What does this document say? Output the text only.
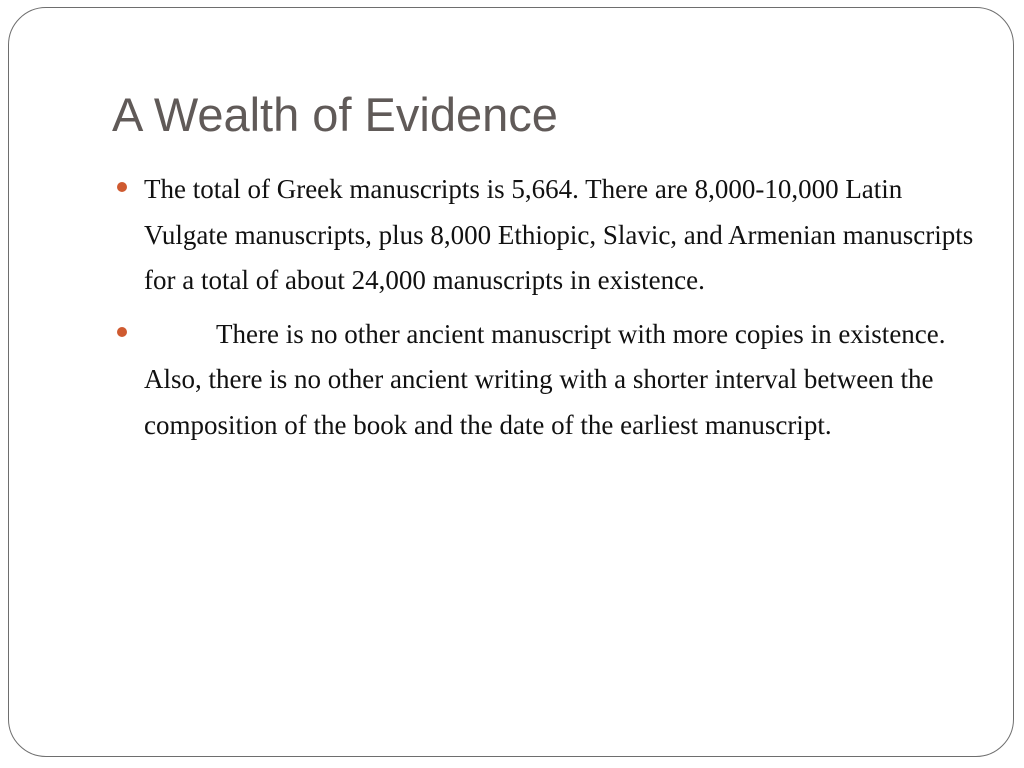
A Wealth of Evidence
The total of Greek manuscripts is 5,664. There are 8,000-10,000 Latin Vulgate manuscripts, plus 8,000 Ethiopic, Slavic, and Armenian manuscripts for a total of about 24,000 manuscripts in existence.
There is no other ancient manuscript with more copies in existence. Also, there is no other ancient writing with a shorter interval between the composition of the book and the date of the earliest manuscript.
